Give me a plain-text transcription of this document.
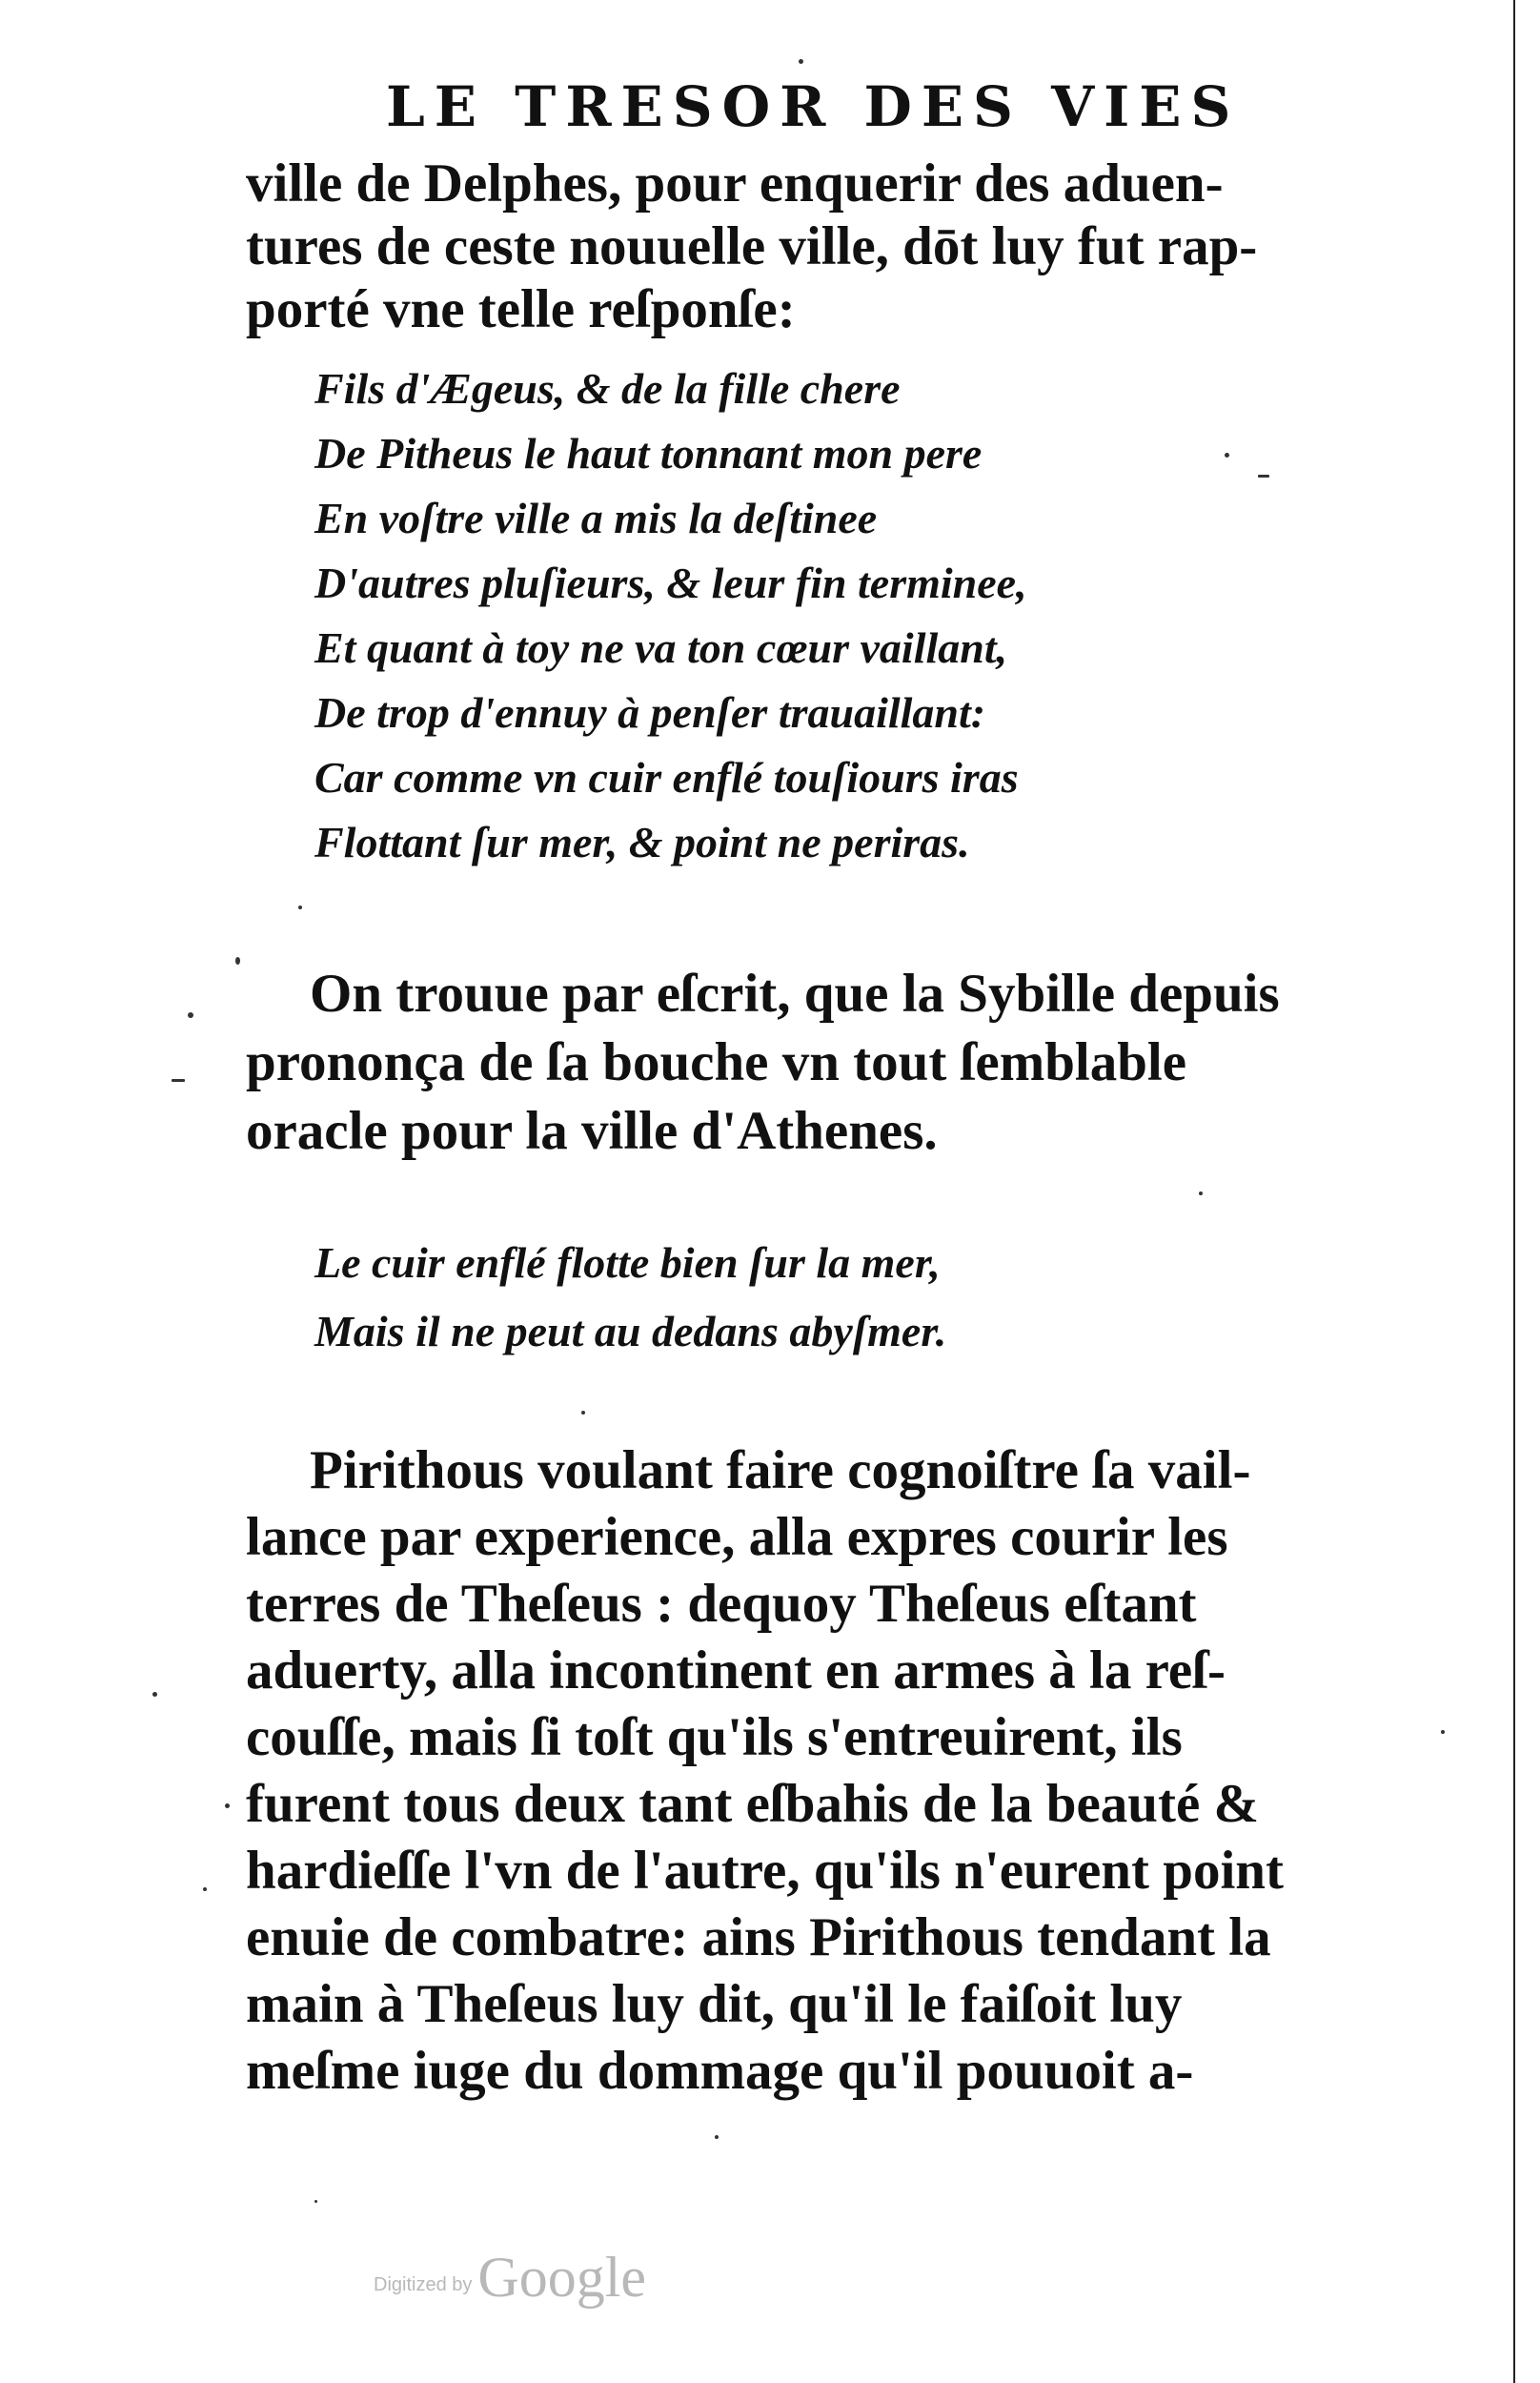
LE TRESOR DES VIES
ville de Delphes, pour enquerir des aduen-
tures de ceste nouuelle ville, dōt luy fut rap-
porté vne telle reſponſe:
Fils d'Ægeus, & de la fille chere
De Pitheus le haut tonnant mon pere
En voſtre ville a mis la deſtinee
D'autres pluſieurs, & leur fin terminee,
Et quant à toy ne va ton cœur vaillant,
De trop d'ennuy à penſer trauaillant:
Car comme vn cuir enflé touſiours iras
Flottant ſur mer, & point ne periras.
On trouue par eſcrit, que la Sybille depuis
prononça de ſa bouche vn tout ſemblable
oracle pour la ville d'Athenes.
Le cuir enflé flotte bien ſur la mer,
Mais il ne peut au dedans abyſmer.
Pirithous voulant faire cognoiſtre ſa vail-
lance par experience, alla expres courir les
terres de Theſeus : dequoy Theſeus eſtant
aduerty, alla incontinent en armes à la reſ-
couſſe, mais ſi toſt qu'ils s'entreuirent, ils
furent tous deux tant eſbahis de la beauté &
hardieſſe l'vn de l'autre, qu'ils n'eurent point
enuie de combatre: ains Pirithous tendant la
main à Theſeus luy dit, qu'il le faiſoit luy
meſme iuge du dommage qu'il pouuoit a-
Digitized by Google
